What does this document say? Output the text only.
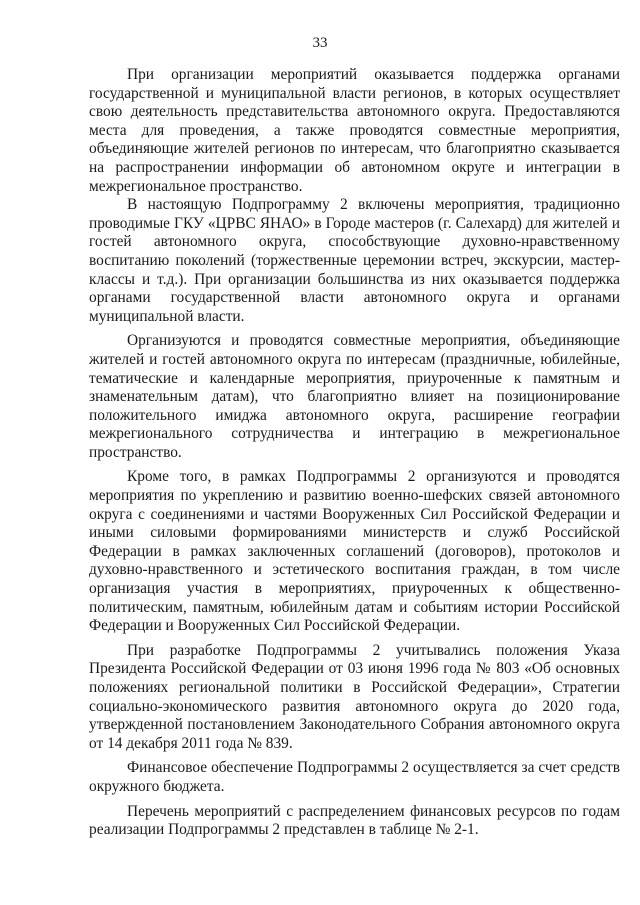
33

При организации мероприятий оказывается поддержка органами государственной и муниципальной власти регионов, в которых осуществляет свою деятельность представительства автономного округа. Предоставляются места для проведения, а также проводятся совместные мероприятия, объединяющие жителей регионов по интересам, что благоприятно сказывается на распространении информации об автономном округе и интеграции в межрегиональное пространство.

В настоящую Подпрограмму 2 включены мероприятия, традиционно проводимые ГКУ «ЦРВС ЯНАО» в Городе мастеров (г. Салехард) для жителей и гостей автономного округа, способствующие духовно-нравственному воспитанию поколений (торжественные церемонии встреч, экскурсии, мастер-классы и т.д.). При организации большинства из них оказывается поддержка органами государственной власти автономного округа и органами муниципальной власти.

Организуются и проводятся совместные мероприятия, объединяющие жителей и гостей автономного округа по интересам (праздничные, юбилейные, тематические и календарные мероприятия, приуроченные к памятным и знаменательным датам), что благоприятно влияет на позиционирование положительного имиджа автономного округа, расширение географии межрегионального сотрудничества и интеграцию в межрегиональное пространство.

Кроме того, в рамках Подпрограммы 2 организуются и проводятся мероприятия по укреплению и развитию военно-шефских связей автономного округа с соединениями и частями Вооруженных Сил Российской Федерации и иными силовыми формированиями министерств и служб Российской Федерации в рамках заключенных соглашений (договоров), протоколов и духовно-нравственного и эстетического воспитания граждан, в том числе организация участия в мероприятиях, приуроченных к общественно-политическим, памятным, юбилейным датам и событиям истории Российской Федерации и Вооруженных Сил Российской Федерации.

При разработке Подпрограммы 2 учитывались положения Указа Президента Российской Федерации от 03 июня 1996 года № 803 «Об основных положениях региональной политики в Российской Федерации», Стратегии социально-экономического развития автономного округа до 2020 года, утвержденной постановлением Законодательного Собрания автономного округа от 14 декабря 2011 года № 839.

Финансовое обеспечение Подпрограммы 2 осуществляется за счет средств окружного бюджета.

Перечень мероприятий с распределением финансовых ресурсов по годам реализации Подпрограммы 2 представлен в таблице № 2-1.
